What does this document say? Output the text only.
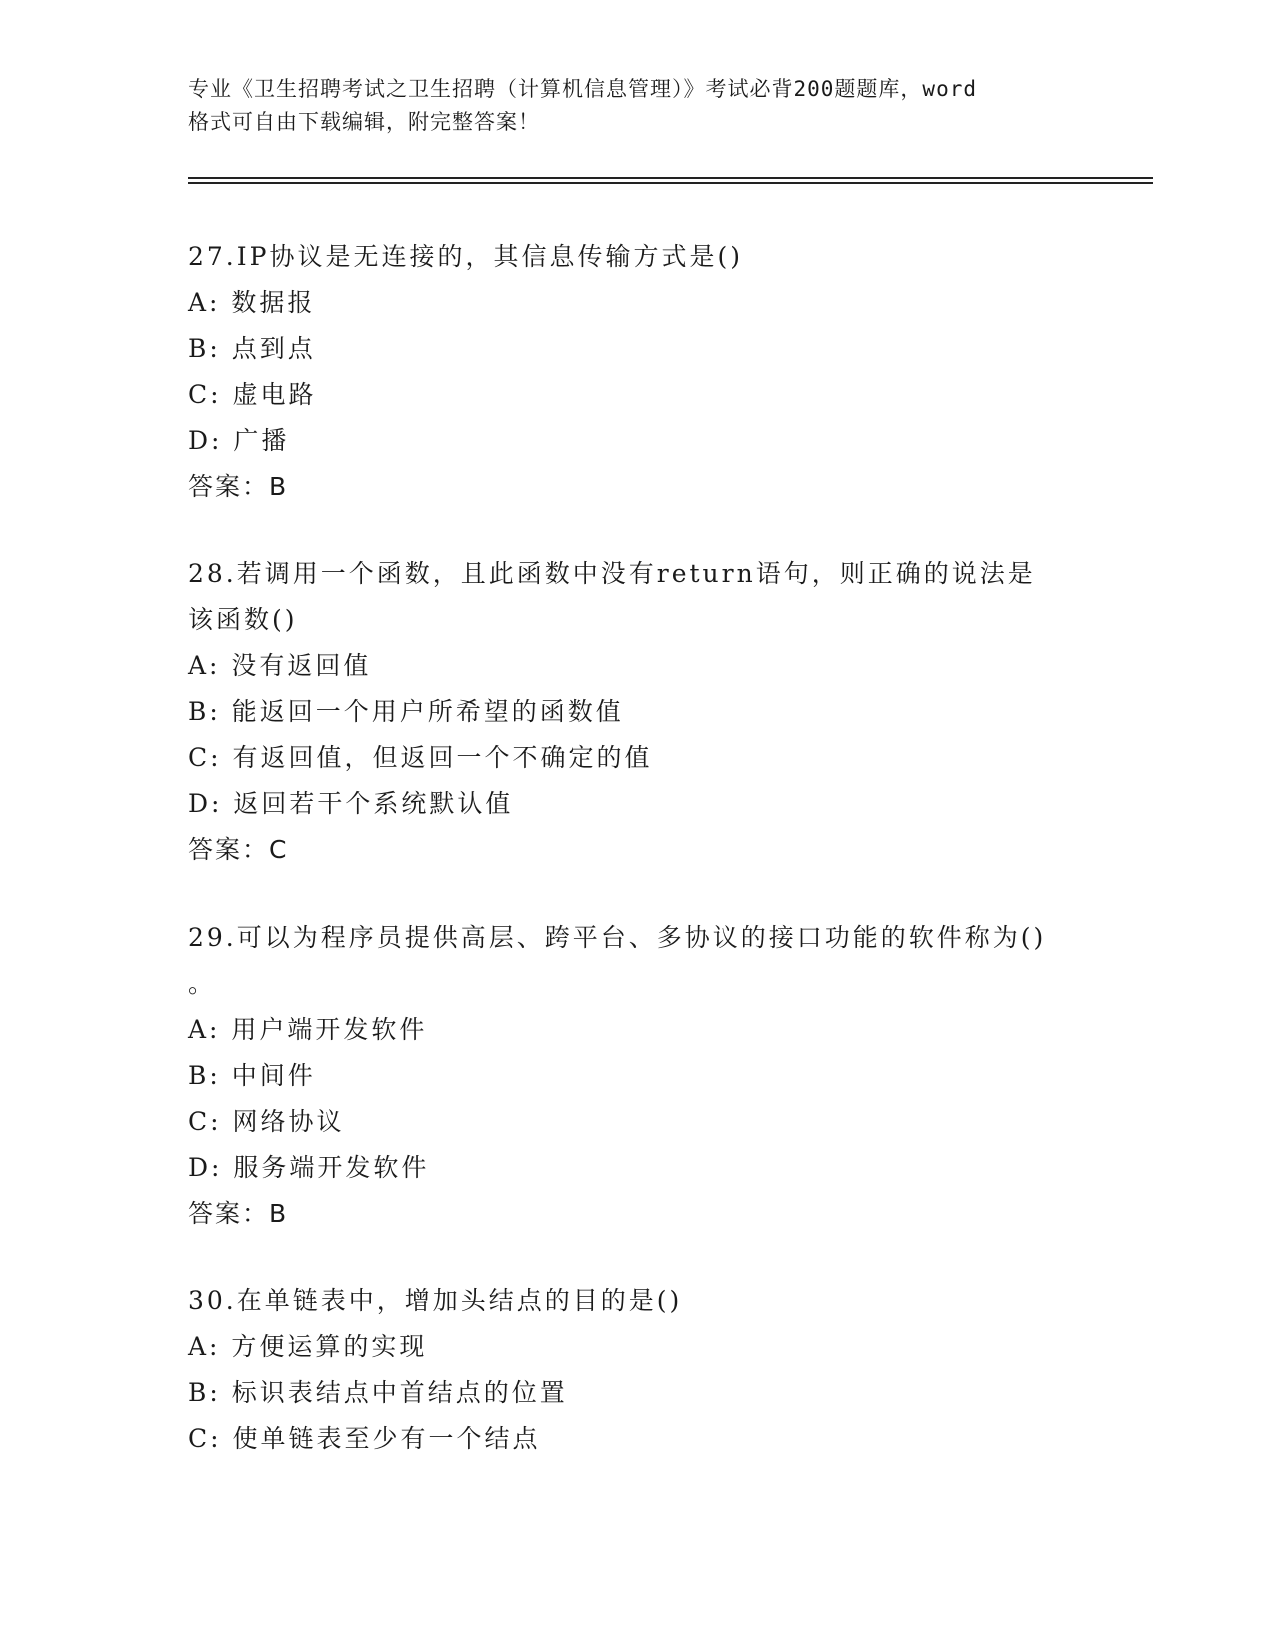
专业《卫生招聘考试之卫生招聘（计算机信息管理）》考试必背200题题库，word
格式可自由下载编辑，附完整答案！
27.IP协议是无连接的，其信息传输方式是()
A: 数据报
B: 点到点
C: 虚电路
D: 广播
答案：B
28.若调用一个函数，且此函数中没有return语句，则正确的说法是
该函数()
A: 没有返回值
B: 能返回一个用户所希望的函数值
C: 有返回值，但返回一个不确定的值
D: 返回若干个系统默认值
答案：C
29.可以为程序员提供高层、跨平台、多协议的接口功能的软件称为()
。
A: 用户端开发软件
B: 中间件
C: 网络协议
D: 服务端开发软件
答案：B
30.在单链表中，增加头结点的目的是()
A: 方便运算的实现
B: 标识表结点中首结点的位置
C: 使单链表至少有一个结点
